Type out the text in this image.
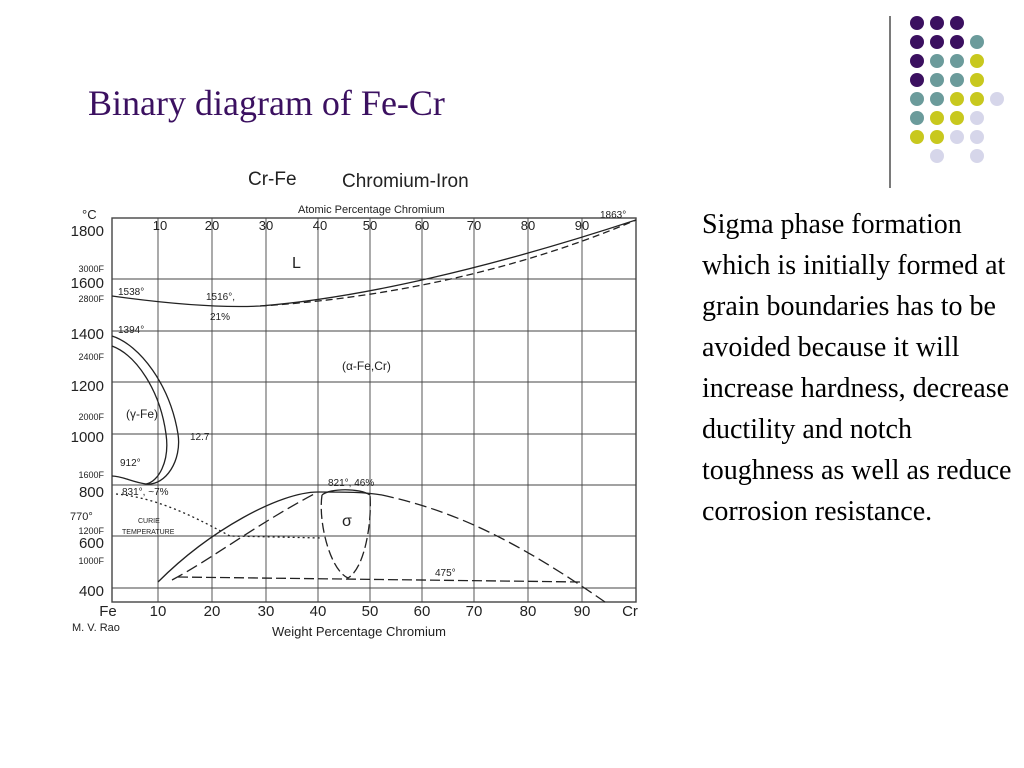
Binary diagram of Fe-Cr
Sigma phase formation which is initially formed at grain boundaries has to be avoided because it will increase hardness, decrease ductility and notch toughness as well as reduce corrosion resistance.
Cr-Fe Chromium-Iron
Atomic Percentage Chromium
°C
Weight Percentage Chromium
M. V. Rao
770°
10	20	30	40	50	60	70	80	90
Fe 10 20 30 40 50 60 70 80 90 Cr
1800
1600
1400
1200
1000
800
600
400
3000F
2800F
2400F
2000F
1600F
1200F
1000F
L
(α-Fe,Cr)
(γ-Fe)
σ
1538°
1863°
1516°,
21%
1394°
12.7
912°
831°, ~7%
CURIE
TEMPERATURE
821°, 46%
475°
